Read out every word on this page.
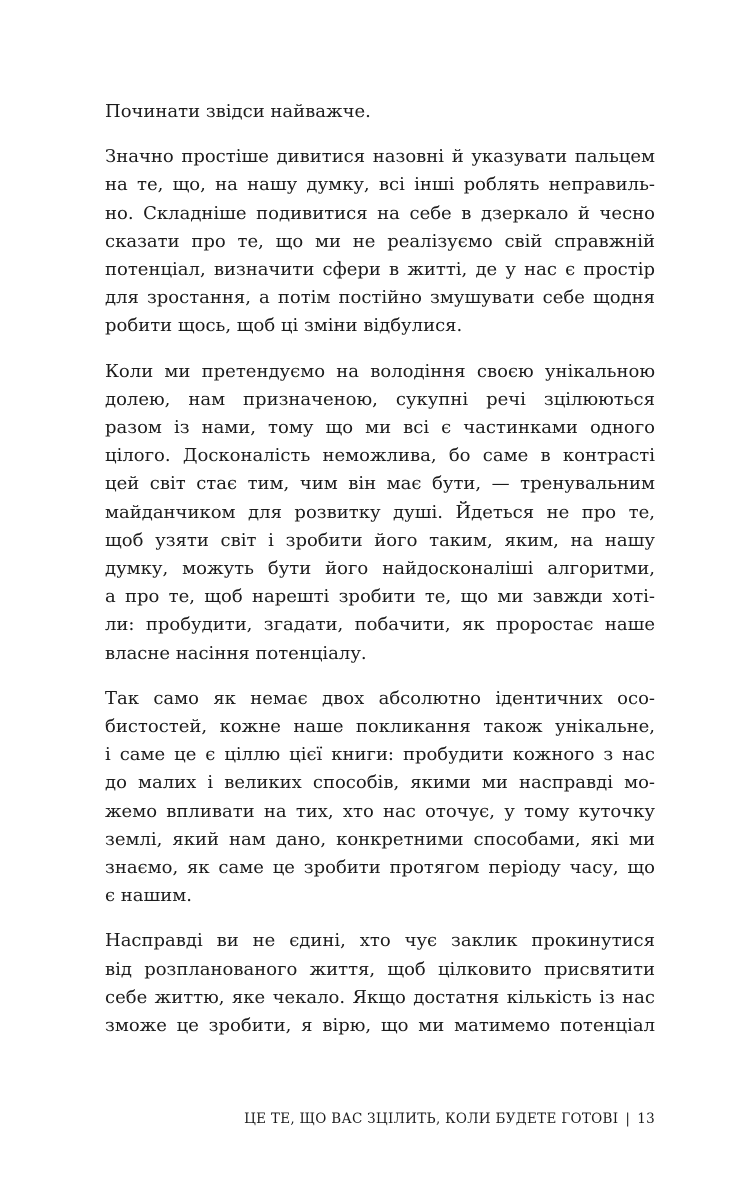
Починати звідси найважче.

Значно простіше дивитися назовні й указувати пальцем
на те, що, на нашу думку, всі інші роблять неправиль-
но. Складніше подивитися на себе в дзеркало й чесно
сказати про те, що ми не реалізуємо свій справжній
потенціал, визначити сфери в житті, де у нас є простір
для зростання, а потім постійно змушувати себе щодня
робити щось, щоб ці зміни відбулися.

Коли ми претендуємо на володіння своєю унікальною
долею, нам призначеною, сукупні речі зцілюються
разом із нами, тому що ми всі є частинками одного
цілого. Досконалість неможлива, бо саме в контрасті
цей світ стає тим, чим він має бути, — тренувальним
майданчиком для розвитку душі. Йдеться не про те,
щоб узяти світ і зробити його таким, яким, на нашу
думку, можуть бути його найдосконаліші алгоритми,
а про те, щоб нарешті зробити те, що ми завжди хоті-
ли: пробудити, згадати, побачити, як проростає наше
власне насіння потенціалу.

Так само як немає двох абсолютно ідентичних осо-
бистостей, кожне наше покликання також унікальне,
і саме це є ціллю цієї книги: пробудити кожного з нас
до малих і великих способів, якими ми насправді мо-
жемо впливати на тих, хто нас оточує, у тому куточку
землі, який нам дано, конкретними способами, які ми
знаємо, як саме це зробити протягом періоду часу, що
є нашим.

Насправді ви не єдині, хто чує заклик прокинутися
від розпланованого життя, щоб цілковито присвятити
себе життю, яке чекало. Якщо достатня кількість із нас
зможе це зробити, я вірю, що ми матимемо потенціал

ЦЕ ТЕ, ЩО ВАС ЗЦІЛИТЬ, КОЛИ БУДЕТЕ ГОТОВІ | 13
